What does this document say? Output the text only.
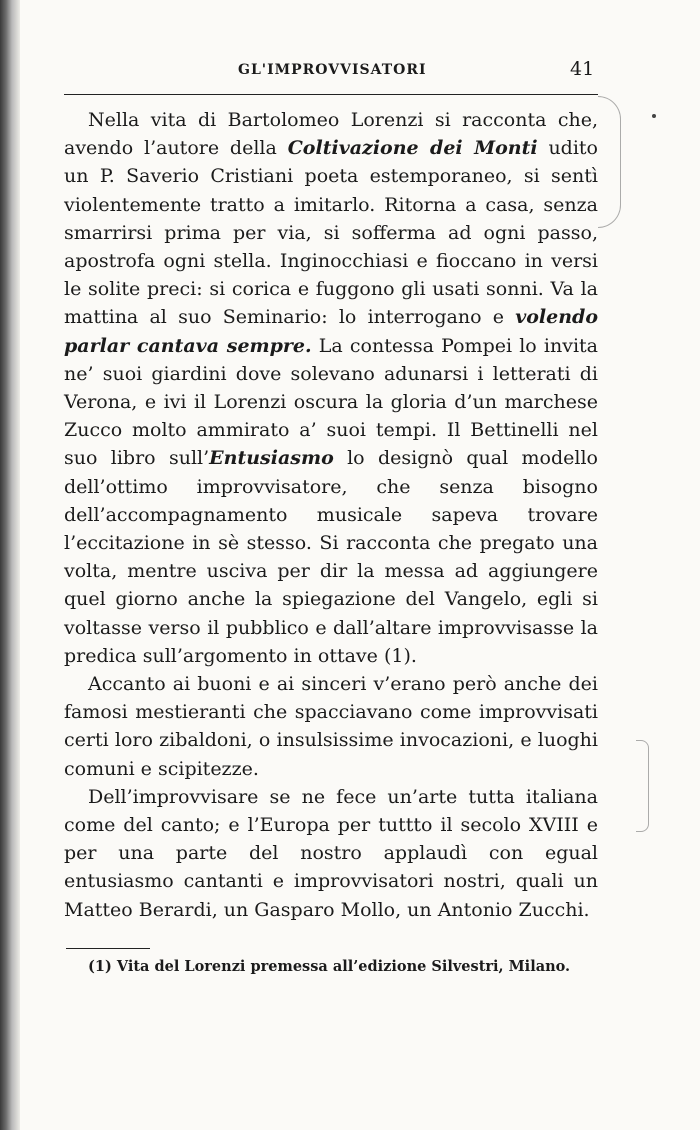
GL'IMPROVVISATORI	41

Nella vita di Bartolomeo Lorenzi si racconta che, avendo l’autore della Coltivazione dei Monti udito un P. Saverio Cristiani poeta estemporaneo, si sentì violentemente tratto a imitarlo. Ritorna a casa, senza smarrirsi prima per via, si sofferma ad ogni passo, apostrofa ogni stella. Inginocchiasi e fioccano in versi le solite preci: si corica e fuggono gli usati sonni. Va la mattina al suo Seminario: lo interrogano e volendo parlar cantava sempre. La contessa Pompei lo invita ne’ suoi giardini dove solevano adunarsi i letterati di Verona, e ivi il Lorenzi oscura la gloria d’un marchese Zucco molto ammirato a’ suoi tempi. Il Bettinelli nel suo libro sull’Entusiasmo lo designò qual modello dell’ottimo improvvisatore, che senza bisogno dell’accompagnamento musicale sapeva trovare l’eccitazione in sè stesso. Si racconta che pregato una volta, mentre usciva per dir la messa ad aggiungere quel giorno anche la spiegazione del Vangelo, egli si voltasse verso il pubblico e dall’altare improvvisasse la predica sull’argomento in ottave (1).

Accanto ai buoni e ai sinceri v’erano però anche dei famosi mestieranti che spacciavano come improvvisati certi loro zibaldoni, o insulsissime invocazioni, e luoghi comuni e scipitezze.

Dell’improvvisare se ne fece un’arte tutta italiana come del canto; e l’Europa per tuttto il secolo XVIII e per una parte del nostro applaudì con egual entusiasmo cantanti e improvvisatori nostri, quali un Matteo Berardi, un Gasparo Mollo, un Antonio Zucchi.

(1) Vita del Lorenzi premessa all’edizione Silvestri, Milano.
